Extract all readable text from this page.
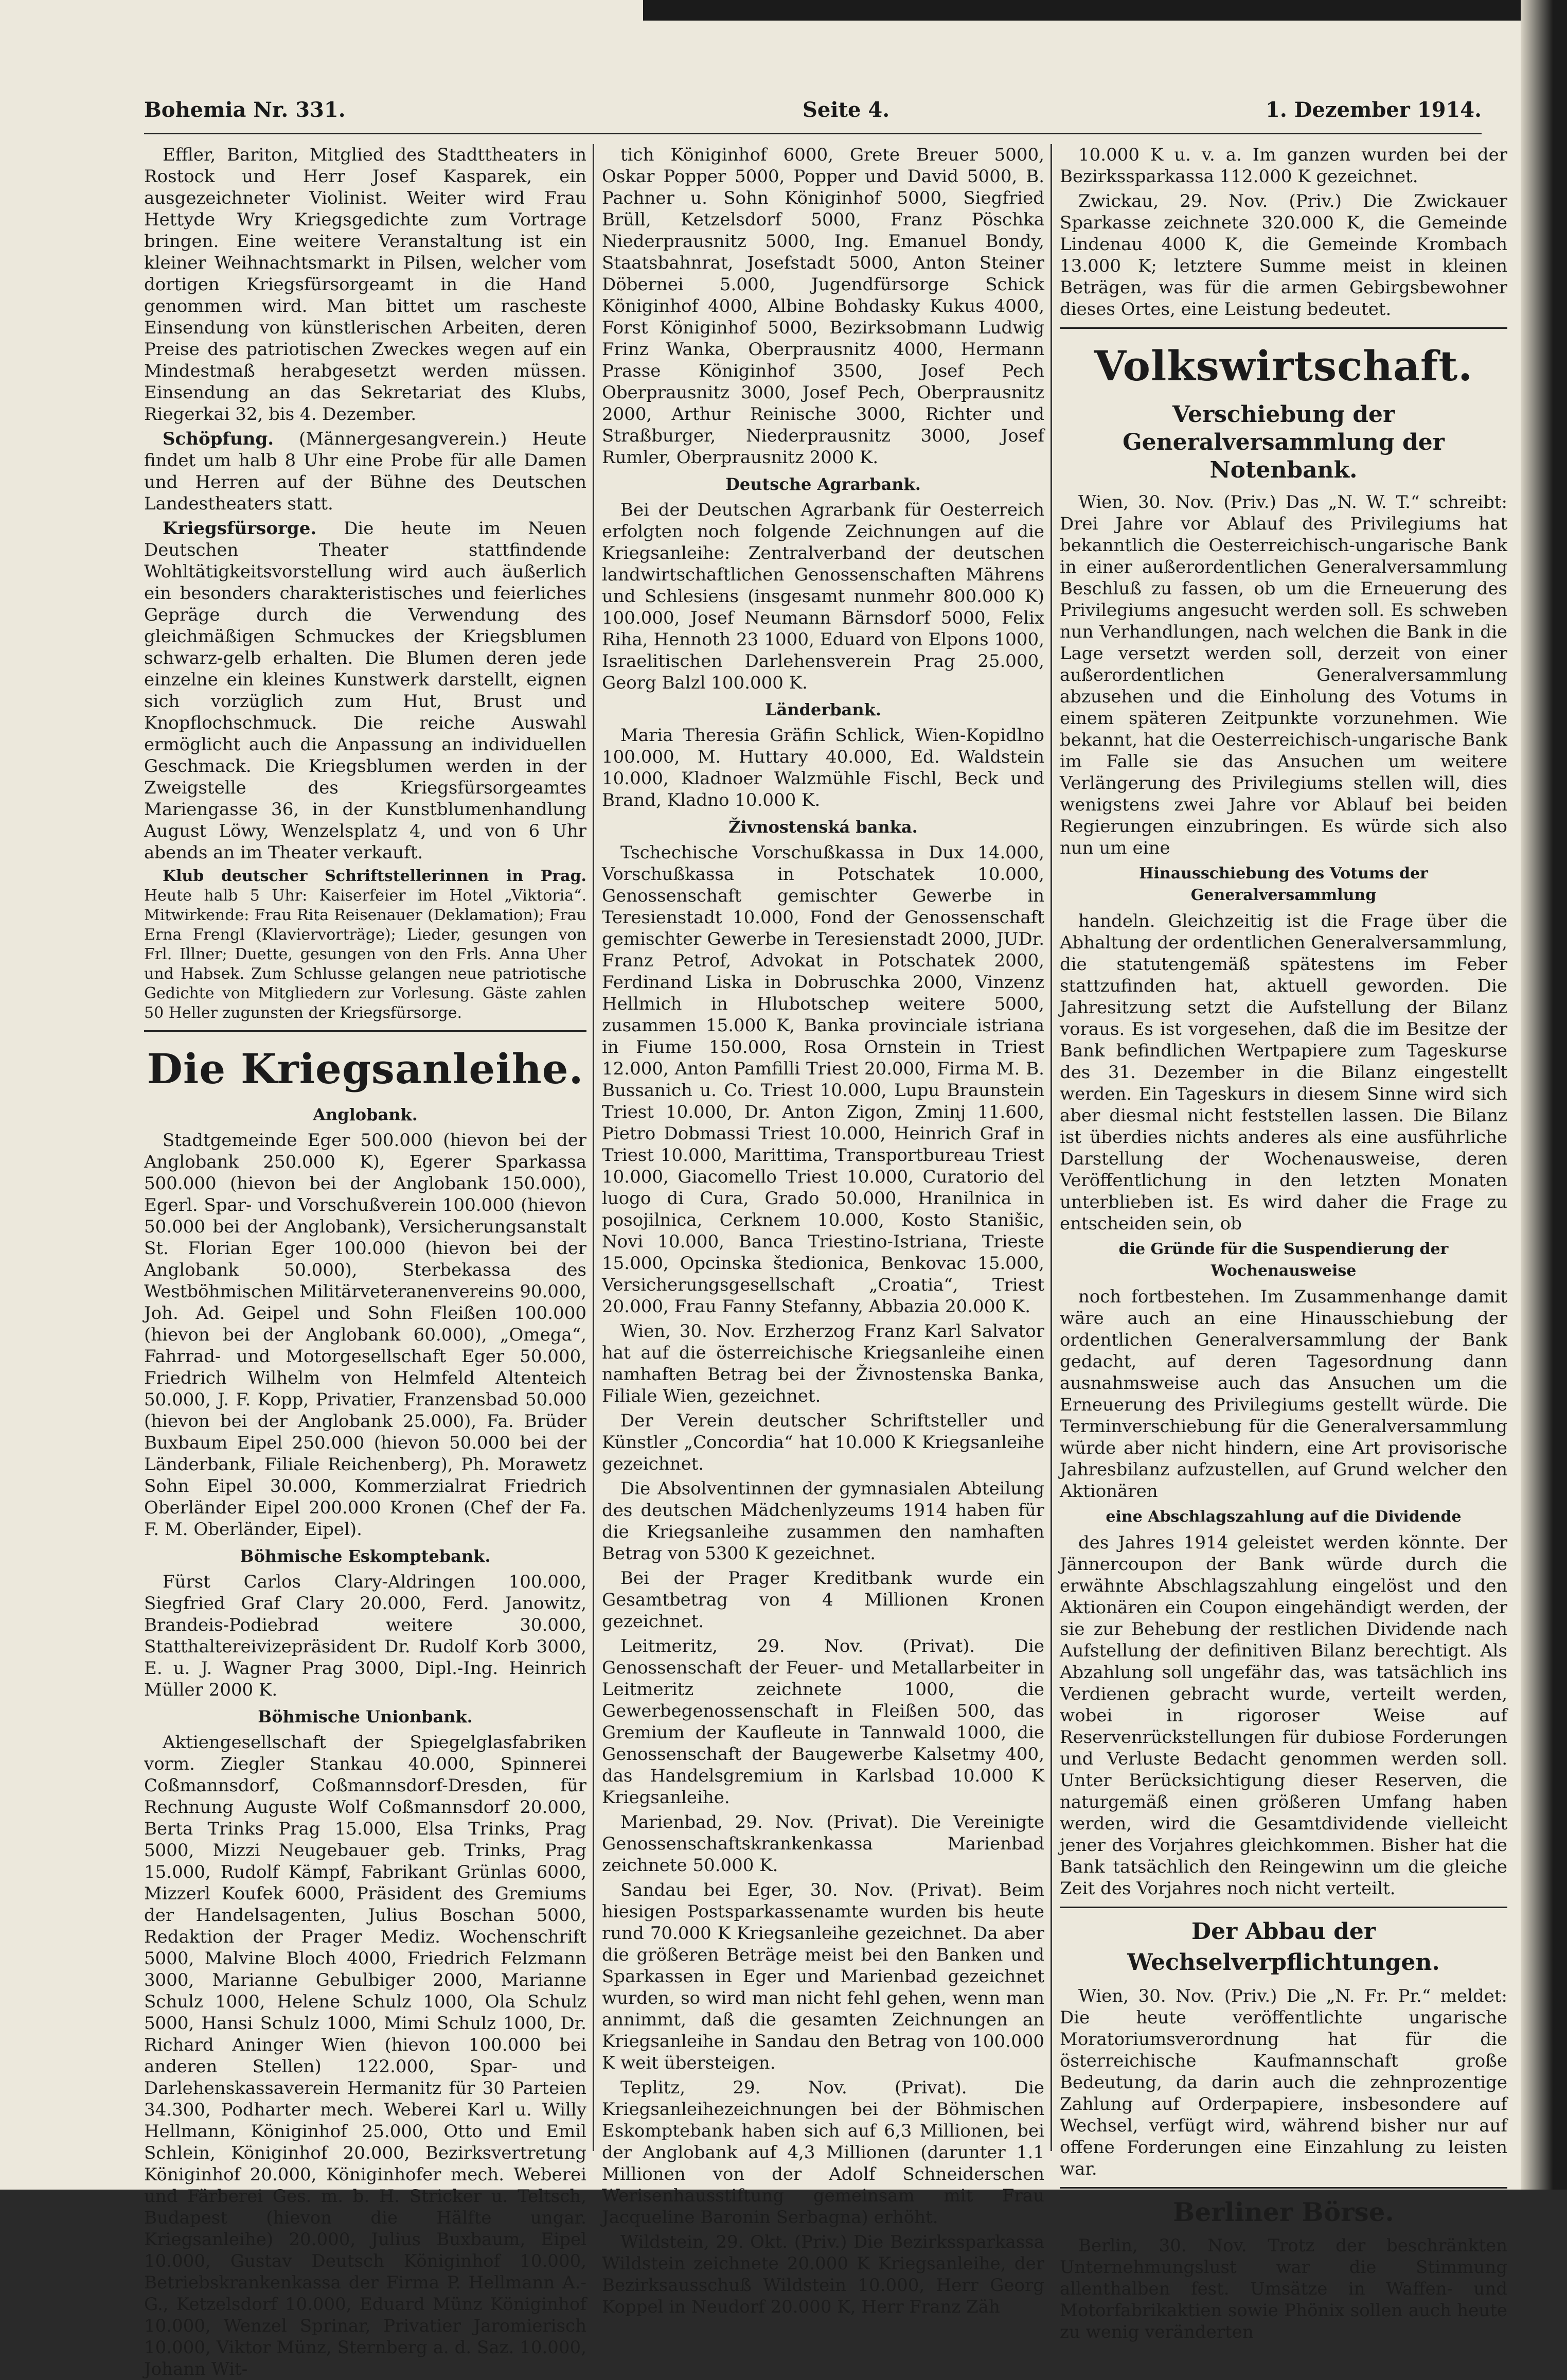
Bohemia Nr. 331.	Seite 4.	1. Dezember 1914.

Effler, Bariton, Mitglied des Stadttheaters in Rostock und Herr Josef Kasparek, ein ausgezeichneter Violinist. Weiter wird Frau Hettyde Wry Kriegsgedichte zum Vortrage bringen. Eine weitere Veranstaltung ist ein kleiner Weihnachtsmarkt in Pilsen, welcher vom dortigen Kriegsfürsorgeamt in die Hand genommen wird. Man bittet um rascheste Einsendung von künstlerischen Arbeiten, deren Preise des patriotischen Zweckes wegen auf ein Mindestmaß herabgesetzt werden müssen. Einsendung an das Sekretariat des Klubs, Riegerkai 32, bis 4. Dezember.

Schöpfung. (Männergesangverein.) Heute findet um halb 8 Uhr eine Probe für alle Damen und Herren auf der Bühne des Deutschen Landestheaters statt.

Kriegsfürsorge. Die heute im Neuen Deutschen Theater stattfindende Wohltätigkeitsvorstellung wird auch äußerlich ein besonders charakteristisches und feierliches Gepräge durch die Verwendung des gleichmäßigen Schmuckes der Kriegsblumen schwarz-gelb erhalten. Die Blumen deren jede einzelne ein kleines Kunstwerk darstellt, eignen sich vorzüglich zum Hut, Brust und Knopflochschmuck. Die reiche Auswahl ermöglicht auch die Anpassung an individuellen Geschmack. Die Kriegsblumen werden in der Zweigstelle des Kriegsfürsorgeamtes Mariengasse 36, in der Kunstblumenhandlung August Löwy, Wenzelsplatz 4, und von 6 Uhr abends an im Theater verkauft.

Klub deutscher Schriftstellerinnen in Prag. Heute halb 5 Uhr: Kaiserfeier im Hotel „Viktoria“. Mitwirkende: Frau Rita Reisenauer (Deklamation); Frau Erna Frengl (Klaviervorträge); Lieder, gesungen von Frl. Illner; Duette, gesungen von den Frls. Anna Uher und Habsek. Zum Schlusse gelangen neue patriotische Gedichte von Mitgliedern zur Vorlesung. Gäste zahlen 50 Heller zugunsten der Kriegsfürsorge.

Die Kriegsanleihe.
Anglobank.

Stadtgemeinde Eger 500.000 (hievon bei der Anglobank 250.000 K), Egerer Sparkassa 500.000 (hievon bei der Anglobank 150.000), Egerl. Spar- und Vorschußverein 100.000 (hievon 50.000 bei der Anglobank), Versicherungsanstalt St. Florian Eger 100.000 (hievon bei der Anglobank 50.000), Sterbekassa des Westböhmischen Militärveteranenvereins 90.000, Joh. Ad. Geipel und Sohn Fleißen 100.000 (hievon bei der Anglobank 60.000), „Omega“, Fahrrad- und Motorgesellschaft Eger 50.000, Friedrich Wilhelm von Helmfeld Altenteich 50.000, J. F. Kopp, Privatier, Franzensbad 50.000 (hievon bei der Anglobank 25.000), Fa. Brüder Buxbaum Eipel 250.000 (hievon 50.000 bei der Länderbank, Filiale Reichenberg), Ph. Morawetz Sohn Eipel 30.000, Kommerzialrat Friedrich Oberländer Eipel 200.000 Kronen (Chef der Fa. F. M. Oberländer, Eipel).

Böhmische Eskomptebank.

Fürst Carlos Clary-Aldringen 100.000, Siegfried Graf Clary 20.000, Ferd. Janowitz, Brandeis-Podiebrad weitere 30.000, Statthaltereivizepräsident Dr. Rudolf Korb 3000, E. u. J. Wagner Prag 3000, Dipl.-Ing. Heinrich Müller 2000 K.

Böhmische Unionbank.

Aktiengesellschaft der Spiegelglasfabriken vorm. Ziegler Stankau 40.000, Spinnerei Coßmannsdorf, Coßmannsdorf-Dresden, für Rechnung Auguste Wolf Coßmannsdorf 20.000, Berta Trinks Prag 15.000, Elsa Trinks, Prag 5000, Mizzi Neugebauer geb. Trinks, Prag 15.000, Rudolf Kämpf, Fabrikant Grünlas 6000, Mizzerl Koufek 6000, Präsident des Gremiums der Handelsagenten, Julius Boschan 5000, Redaktion der Prager Mediz. Wochenschrift 5000, Malvine Bloch 4000, Friedrich Felzmann 3000, Marianne Gebulbiger 2000, Marianne Schulz 1000, Helene Schulz 1000, Ola Schulz 5000, Hansi Schulz 1000, Mimi Schulz 1000, Dr. Richard Aninger Wien (hievon 100.000 bei anderen Stellen) 122.000, Spar- und Darlehenskassaverein Hermanitz für 30 Parteien 34.300, Podharter mech. Weberei Karl u. Willy Hellmann, Königinhof 25.000, Otto und Emil Schlein, Königinhof 20.000, Bezirksvertretung Königinhof 20.000, Königinhofer mech. Weberei und Färberei Ges. m. b. H. Stricker u. Teltsch, Budapest (hievon die Hälfte ungar. Kriegsanleihe) 20.000, Julius Buxbaum, Eipel 10.000, Gustav Deutsch Königinhof 10.000, Betriebskrankenkassa der Firma P. Hellmann A.-G., Ketzelsdorf 10.000, Eduard Münz Königinhof 10.000, Wenzel Sprinar, Privatier Jaromierisch 10.000, Viktor Münz, Sternberg a. d. Saz. 10.000, Johann Wit-

tich Königinhof 6000, Grete Breuer 5000, Oskar Popper 5000, Popper und David 5000, B. Pachner u. Sohn Königinhof 5000, Siegfried Brüll, Ketzelsdorf 5000, Franz Pöschka Niederprausnitz 5000, Ing. Emanuel Bondy, Staatsbahnrat, Josefstadt 5000, Anton Steiner Döbernei 5.000, Jugendfürsorge Schick Königinhof 4000, Albine Bohdasky Kukus 4000, Forst Königinhof 5000, Bezirksobmann Ludwig Frinz Wanka, Oberprausnitz 4000, Hermann Prasse Königinhof 3500, Josef Pech Oberprausnitz 3000, Josef Pech, Oberprausnitz 2000, Arthur Reinische 3000, Richter und Straßburger, Niederprausnitz 3000, Josef Rumler, Oberprausnitz 2000 K.

Deutsche Agrarbank.

Bei der Deutschen Agrarbank für Oesterreich erfolgten noch folgende Zeichnungen auf die Kriegsanleihe: Zentralverband der deutschen landwirtschaftlichen Genossenschaften Mährens und Schlesiens (insgesamt nunmehr 800.000 K) 100.000, Josef Neumann Bärnsdorf 5000, Felix Riha, Hennoth 23 1000, Eduard von Elpons 1000, Israelitischen Darlehensverein Prag 25.000, Georg Balzl 100.000 K.

Länderbank.

Maria Theresia Gräfin Schlick, Wien-Kopidlno 100.000, M. Huttary 40.000, Ed. Waldstein 10.000, Kladnoer Walzmühle Fischl, Beck und Brand, Kladno 10.000 K.

Živnostenská banka.

Tschechische Vorschußkassa in Dux 14.000, Vorschußkassa in Potschatek 10.000, Genossenschaft gemischter Gewerbe in Teresienstadt 10.000, Fond der Genossenschaft gemischter Gewerbe in Teresienstadt 2000, JUDr. Franz Petrof, Advokat in Potschatek 2000, Ferdinand Liska in Dobruschka 2000, Vinzenz Hellmich in Hlubotschep weitere 5000, zusammen 15.000 K, Banka provinciale istriana in Fiume 150.000, Rosa Ornstein in Triest 12.000, Anton Pamfilli Triest 20.000, Firma M. B. Bussanich u. Co. Triest 10.000, Lupu Braunstein Triest 10.000, Dr. Anton Zigon, Zminj 11.600, Pietro Dobmassi Triest 10.000, Heinrich Graf in Triest 10.000, Marittima, Transportbureau Triest 10.000, Giacomello Triest 10.000, Curatorio del luogo di Cura, Grado 50.000, Hranilnica in posojilnica, Cerknem 10.000, Kosto Stanišic, Novi 10.000, Banca Triestino-Istriana, Trieste 15.000, Opcinska štedionica, Benkovac 15.000, Versicherungsgesellschaft „Croatia“, Triest 20.000, Frau Fanny Stefanny, Abbazia 20.000 K.

Wien, 30. Nov. Erzherzog Franz Karl Salvator hat auf die österreichische Kriegsanleihe einen namhaften Betrag bei der Živnostenska Banka, Filiale Wien, gezeichnet.

Der Verein deutscher Schriftsteller und Künstler „Concordia“ hat 10.000 K Kriegsanleihe gezeichnet.

Die Absolventinnen der gymnasialen Abteilung des deutschen Mädchenlyzeums 1914 haben für die Kriegsanleihe zusammen den namhaften Betrag von 5300 K gezeichnet.

Bei der Prager Kreditbank wurde ein Gesamtbetrag von 4 Millionen Kronen gezeichnet.

Leitmeritz, 29. Nov. (Privat). Die Genossenschaft der Feuer- und Metallarbeiter in Leitmeritz zeichnete 1000, die Gewerbegenossenschaft in Fleißen 500, das Gremium der Kaufleute in Tannwald 1000, die Genossenschaft der Baugewerbe Kalsetmy 400, das Handelsgremium in Karlsbad 10.000 K Kriegsanleihe.

Marienbad, 29. Nov. (Privat). Die Vereinigte Genossenschaftskrankenkassa Marienbad zeichnete 50.000 K.

Sandau bei Eger, 30. Nov. (Privat). Beim hiesigen Postsparkassenamte wurden bis heute rund 70.000 K Kriegsanleihe gezeichnet. Da aber die größeren Beträge meist bei den Banken und Sparkassen in Eger und Marienbad gezeichnet wurden, so wird man nicht fehl gehen, wenn man annimmt, daß die gesamten Zeichnungen an Kriegsanleihe in Sandau den Betrag von 100.000 K weit übersteigen.

Teplitz, 29. Nov. (Privat). Die Kriegsanleihezeichnungen bei der Böhmischen Eskomptebank haben sich auf 6,3 Millionen, bei der Anglobank auf 4,3 Millionen (darunter 1.1 Millionen von der Adolf Schneiderschen Werisenhausstiftung gemeinsam mit Frau Jacqueline Baronin Serbagna) erhöht.

Wildstein, 29. Okt. (Priv.) Die Bezirkssparkassa Wildstein zeichnete 20.000 K Kriegsanleihe, der Bezirksausschuß Wildstein 10.000, Herr Georg Koppel in Neudorf 20.000 K, Herr Franz Zäh

10.000 K u. v. a. Im ganzen wurden bei der Bezirkssparkassa 112.000 K gezeichnet.

Zwickau, 29. Nov. (Priv.) Die Zwickauer Sparkasse zeichnete 320.000 K, die Gemeinde Lindenau 4000 K, die Gemeinde Krombach 13.000 K; letztere Summe meist in kleinen Beträgen, was für die armen Gebirgsbewohner dieses Ortes, eine Leistung bedeutet.

Volkswirtschaft.
Verschiebung der Generalversammlung der Notenbank.

Wien, 30. Nov. (Priv.) Das „N. W. T.“ schreibt: Drei Jahre vor Ablauf des Privilegiums hat bekanntlich die Oesterreichisch-ungarische Bank in einer außerordentlichen Generalversammlung Beschluß zu fassen, ob um die Erneuerung des Privilegiums angesucht werden soll. Es schweben nun Verhandlungen, nach welchen die Bank in die Lage versetzt werden soll, derzeit von einer außerordentlichen Generalversammlung abzusehen und die Einholung des Votums in einem späteren Zeitpunkte vorzunehmen. Wie bekannt, hat die Oesterreichisch-ungarische Bank im Falle sie das Ansuchen um weitere Verlängerung des Privilegiums stellen will, dies wenigstens zwei Jahre vor Ablauf bei beiden Regierungen einzubringen. Es würde sich also nun um eine

Hinausschiebung des Votums der Generalversammlung

handeln. Gleichzeitig ist die Frage über die Abhaltung der ordentlichen Generalversammlung, die statutengemäß spätestens im Feber stattzufinden hat, aktuell geworden. Die Jahresitzung setzt die Aufstellung der Bilanz voraus. Es ist vorgesehen, daß die im Besitze der Bank befindlichen Wertpapiere zum Tageskurse des 31. Dezember in die Bilanz eingestellt werden. Ein Tageskurs in diesem Sinne wird sich aber diesmal nicht feststellen lassen. Die Bilanz ist überdies nichts anderes als eine ausführliche Darstellung der Wochenausweise, deren Veröffentlichung in den letzten Monaten unterblieben ist. Es wird daher die Frage zu entscheiden sein, ob

die Gründe für die Suspendierung der Wochenausweise

noch fortbestehen. Im Zusammenhange damit wäre auch an eine Hinausschiebung der ordentlichen Generalversammlung der Bank gedacht, auf deren Tagesordnung dann ausnahmsweise auch das Ansuchen um die Erneuerung des Privilegiums gestellt würde. Die Terminverschiebung für die Generalversammlung würde aber nicht hindern, eine Art provisorische Jahresbilanz aufzustellen, auf Grund welcher den Aktionären

eine Abschlagszahlung auf die Dividende

des Jahres 1914 geleistet werden könnte. Der Jännercoupon der Bank würde durch die erwähnte Abschlagszahlung eingelöst und den Aktionären ein Coupon eingehändigt werden, der sie zur Behebung der restlichen Dividende nach Aufstellung der definitiven Bilanz berechtigt. Als Abzahlung soll ungefähr das, was tatsächlich ins Verdienen gebracht wurde, verteilt werden, wobei in rigoroser Weise auf Reservenrückstellungen für dubiose Forderungen und Verluste Bedacht genommen werden soll. Unter Berücksichtigung dieser Reserven, die naturgemäß einen größeren Umfang haben werden, wird die Gesamtdividende vielleicht jener des Vorjahres gleichkommen. Bisher hat die Bank tatsächlich den Reingewinn um die gleiche Zeit des Vorjahres noch nicht verteilt.

Der Abbau der Wechselverpflichtungen.

Wien, 30. Nov. (Priv.) Die „N. Fr. Pr.“ meldet: Die heute veröffentlichte ungarische Moratoriumsverordnung hat für die österreichische Kaufmannschaft große Bedeutung, da darin auch die zehnprozentige Zahlung auf Orderpapiere, insbesondere auf Wechsel, verfügt wird, während bisher nur auf offene Forderungen eine Einzahlung zu leisten war.

Berliner Börse.

Berlin, 30. Nov. Trotz der beschränkten Unternehmungslust war die Stimmung allenthalben fest. Umsätze in Waffen- und Motorfabrikaktien sowie Phönix sollen auch heute zu wenig veränderten
